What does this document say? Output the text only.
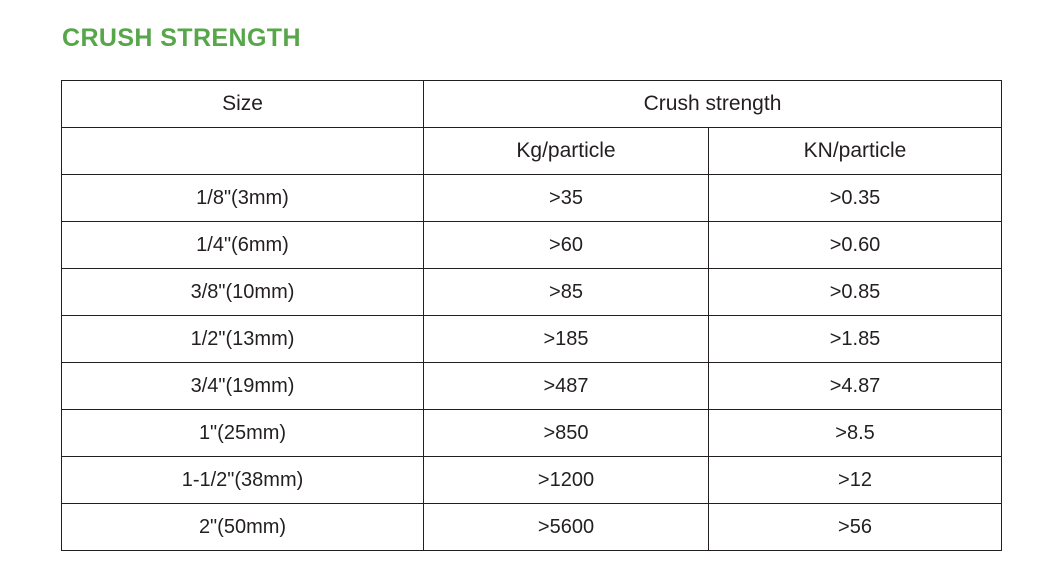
CRUSH STRENGTH
Size	Crush strength	
	Kg/particle	KN/particle
1/8"(3mm)	>35	>0.35
1/4"(6mm)	>60	>0.60
3/8"(10mm)	>85	>0.85
1/2"(13mm)	>185	>1.85
3/4"(19mm)	>487	>4.87
1"(25mm)	>850	>8.5
1-1/2"(38mm)	>1200	>12
2"(50mm)	>5600	>56
